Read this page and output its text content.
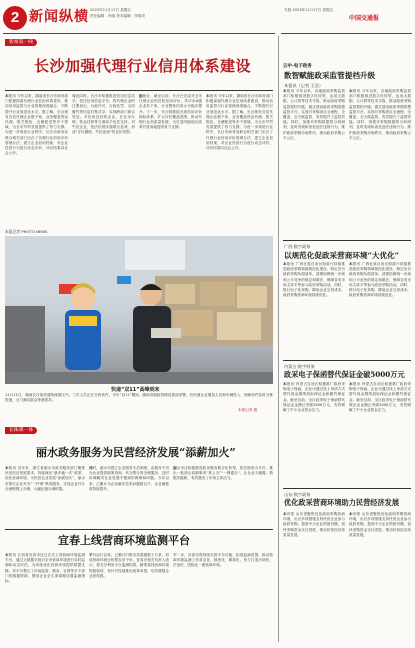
2 新闻纵横 2023年11月17日 星期五
责任编辑：肖晓 美术编辑：李明亮
专版 2023年11月17日 星期五
中国交通报
新闻第一线
长沙加强代理行业信用体系建设
本报讯 今年以来，湖南省长沙市商务部门积极探索代理行业信用体系建设，推动信用监管与行业管理深度融合，不断提升行业规范化水平。据了解，长沙现有各类代理企业数千家，业务覆盖货运代理、报关报检、仓储配送等多个领域，为全市外贸发展提供了有力支撑。为进一步规范行业秩序，长沙市商务局联合相关部门出台了代理行业信用评价管理办法，建立企业信用档案，对企业经营行为进行动态评价，评价结果向社会公开。
与此同时，长沙市积极推进信用信息共享，依托信用信息平台，将代理企业的注册登记、行政许可、行政处罚、合同履约等信息归集共享，实现跨部门联合奖惩。对信用良好的企业，在业务办理、资金扶持等方面给予优先支持；对失信企业，依法依规实施联合惩戒，形成“守信激励、失信惩戒”的良好氛围。
据统计，截至目前，长沙已完成对全市代理企业的首轮信用评价，共评出A级企业若干家，行业整体信用水平稳步提升。下一步，长沙将继续完善信用评价指标体系，扩大评价覆盖范围，推动代理行业高质量发展，为打造内陆地区改革开放高地提供有力支撑。
本报讯 今年以来，湖南省长沙市商务部门积极探索代理行业信用体系建设，推动信用监管与行业管理深度融合，不断提升行业规范化水平。据了解，长沙现有各类代理企业数千家，业务覆盖货运代理、报关报检、仓储配送等多个领域，为全市外贸发展提供了有力支撑。为进一步规范行业秩序，长沙市商务局联合相关部门出台了代理行业信用评价管理办法，建立企业信用档案，对企业经营行为进行动态评价，评价结果向社会公开。
本报记者 PHOTO NEWS
快递“双11”高峰到来
11月11日，湖南长沙某快递物流园区内，工作人员正在分拣快件。今年“双11”期间，湖南省邮政管理局提前部署，各快递企业增加人员和车辆投入，保障快件及时分拣投递，全力满足群众寄递需求。
本报记者 摄
长株潭一体
丽水政务服务为民营经济发展“添薪加火”
本报讯 近年来，浙江省丽水市政务服务部门聚焦民营经济发展需求，持续深化“最多跑一次”改革，优化营商环境，为民营企业发展“添薪加火”。丽水市推行企业开办“一件事”集成服务，实现企业开办全流程网上办理，大幅压缩办理时限。
同时，丽水市建立企业服务专员制度，由服务专员为企业提供政策咨询、代办帮办等全程服务，及时协调解决企业发展中遇到的困难和问题。今年以来，已累计为企业解决各类问题数百个，企业满意度持续提升。
丽水市还积极推进政务服务数字化转型，依托浙里办平台，推出一批涉企高频事项“掌上办”“一网通办”，让企业少跑腿、数据多跑路，有效激发了市场主体活力。
宜春上线营商环境监测平台
本报讯 江西省宜春市近日正式上线营商环境监测平台，通过大数据手段对全市营商环境进行实时监测和动态评估，为持续优化营商环境提供数据支撑。该平台整合了市场监管、税务、社保等多个部门的数据资源，围绕企业全生命周期设置监测指标。
平台运行以来，已累计归集各类数据数十万条，形成营商环境分析报告若干份。宜春市相关负责人表示，将充分利用平台监测结果，精准查找营商环境短板弱项，有针对性地推出改革举措，切实增强企业获得感。
下一步，宜春市将持续完善平台功能，拓展监测范围，推动营商环境监测工作常态化、制度化、精准化，努力打造市场化、法治化、国际化一流营商环境。
云中·电子政务
数智赋能政采监管提档升级
本报讯（记者 王浩）
本报讯 今年以来，各地政府采购监管部门积极推进数字化转型，运用大数据、云计算等技术手段，推动政府采购监管提档升级。通过建设政府采购智慧监管平台，实现对采购项目全流程、全覆盖、全天候监管，有效提升了监管效能。同时，加强对采购数据的分析研判，及时发现和查处违法违规行为，维护政府采购市场秩序，推动政府采购公平公正。
本报讯 今年以来，各地政府采购监管部门积极推进数字化转型，运用大数据、云计算等技术手段，推动政府采购监管提档升级。通过建设政府采购智慧监管平台，实现对采购项目全流程、全覆盖、全天候监管，有效提升了监管效能。同时，加强对采购数据的分析研判，及时发现和查处违法违规行为，维护政府采购市场秩序，推动政府采购公平公正。
广西·数字政务
以规范化促政采营商环境“大优化”
本报讯 广西壮族自治区财政厅持续推进政府采购领域规范化建设，制定出台政府采购负面清单，清理妨碍统一市场和公平竞争的规定和做法，保障各类市场主体平等参与政府采购活动。同时，推行电子化采购，降低企业交易成本，政府采购营商环境持续优化。
本报讯 广西壮族自治区财政厅持续推进政府采购领域规范化建设，制定出台政府采购负面清单，清理妨碍统一市场和公平竞争的规定和做法，保障各类市场主体平等参与政府采购活动。同时，推行电子化采购，降低企业交易成本，政府采购营商环境持续优化。
内蒙古·数字财务
政采电子保函替代保证金破5000万元
本报讯 内蒙古自治区积极推广政府采购电子保函，企业可通过线上申请方式替代现金缴纳投标保证金和履约保证金。截至目前，全区政采电子保函替代保证金金额已突破5000万元，有效缓解了中小企业资金压力。
本报讯 内蒙古自治区积极推广政府采购电子保函，企业可通过线上申请方式替代现金缴纳投标保证金和履约保证金。截至目前，全区政采电子保函替代保证金金额已突破5000万元，有效缓解了中小企业资金压力。
山东·数字政务
优化政采营商环境助力民营经济发展
本讯报 山东省聚焦优化政府采购营商环境，出台多项措施支持民营企业参与政府采购，提高中小企业预留份额，加快采购资金支付进度，推动民营经济高质量发展。
本讯报 山东省聚焦优化政府采购营商环境，出台多项措施支持民营企业参与政府采购，提高中小企业预留份额，加快采购资金支付进度，推动民营经济高质量发展。
